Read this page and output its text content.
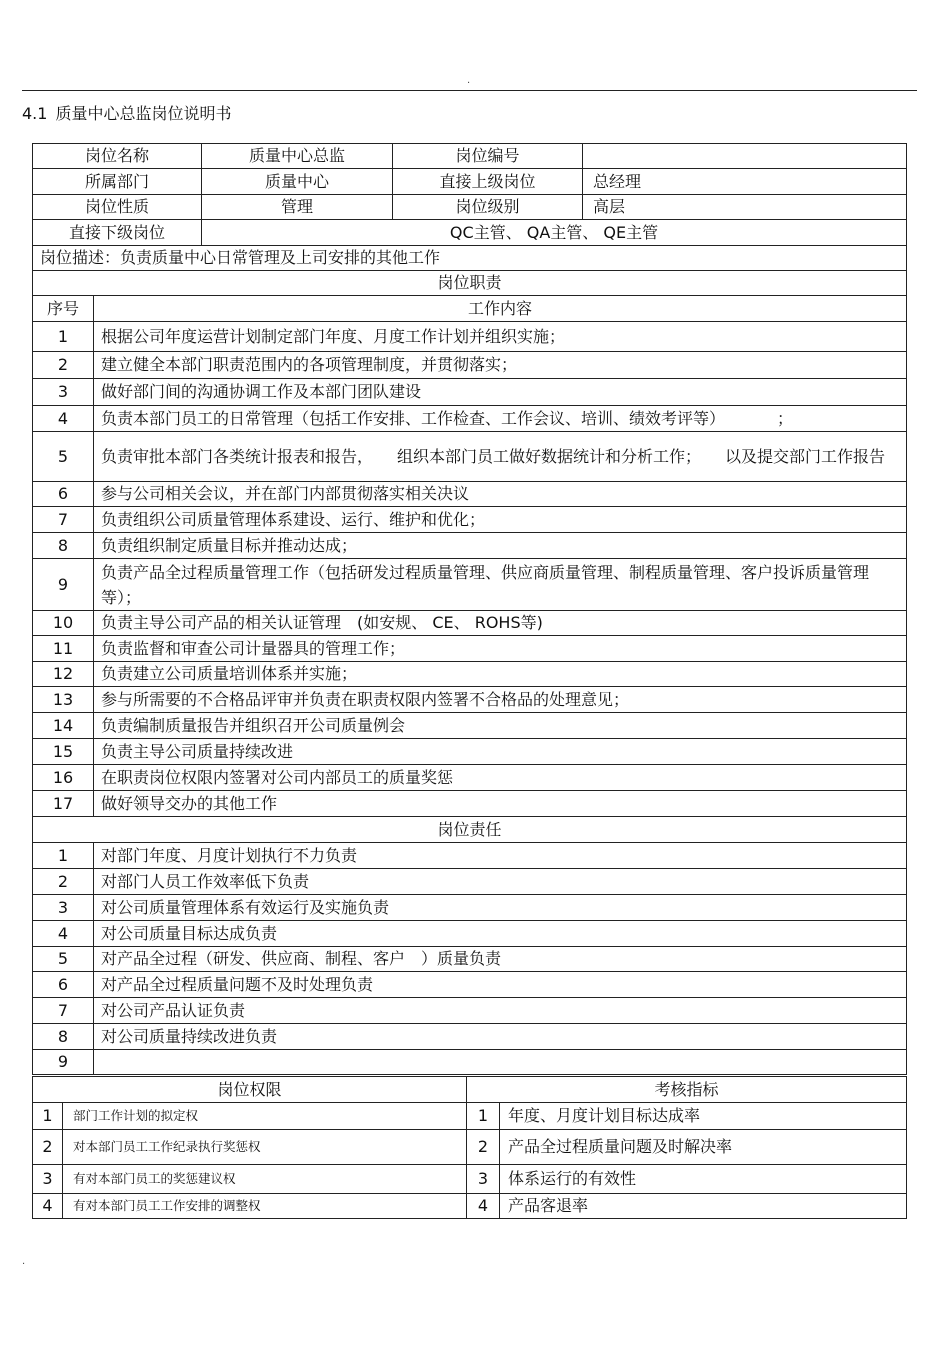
.
4.1 质量中心总监岗位说明书
岗位名称		质量中心总监	岗位编号	
所属部门		质量中心	直接上级岗位	总经理
岗位性质		管理	岗位级别	高层
直接下级岗位		QC主管、 QA主管、 QE主管		
岗位描述：负责质量中心日常管理及上司安排的其他工作				
岗位职责				
序号	工作内容			
1	根据公司年度运营计划制定部门年度、月度工作计划并组织实施；			
2	建立健全本部门职责范围内的各项管理制度，并贯彻落实；			
3	做好部门间的沟通协调工作及本部门团队建设			
4	负责本部门员工的日常管理（包括工作安排、工作检查、工作会议、培训、绩效考评等） ；			
5	负责审批本部门各类统计报表和报告，　　组织本部门员工做好数据统计和分析工作；　　以及提交部门工作报告			
6	参与公司相关会议，并在部门内部贯彻落实相关决议			
7	负责组织公司质量管理体系建设、运行、维护和优化；			
8	负责组织制定质量目标并推动达成；			
9	负责产品全过程质量管理工作（包括研发过程质量管理、供应商质量管理、制程质量管理、客户投诉质量管理等）；			
10	负责主导公司产品的相关认证管理　(如安规、 CE、 ROHS等)			
11	负责监督和审查公司计量器具的管理工作；			
12	负责建立公司质量培训体系并实施；			
13	参与所需要的不合格品评审并负责在职责权限内签署不合格品的处理意见；			
14	负责编制质量报告并组织召开公司质量例会			
15	负责主导公司质量持续改进			
16	在职责岗位权限内签署对公司内部员工的质量奖惩			
17	做好领导交办的其他工作			
岗位责任				
1	对部门年度、月度计划执行不力负责			
2	对部门人员工作效率低下负责			
3	对公司质量管理体系有效运行及实施负责			
4	对公司质量目标达成负责			
5	对产品全过程（研发、供应商、制程、客户　）质量负责			
6	对产品全过程质量问题不及时处理负责			
7	对公司产品认证负责			
8	对公司质量持续改进负责			
9				
岗位权限		考核指标	
1	部门工作计划的拟定权	1	年度、月度计划目标达成率
2	对本部门员工工作纪录执行奖惩权	2	产品全过程质量问题及时解决率
3	有对本部门员工的奖惩建议权	3	体系运行的有效性
4	有对本部门员工工作安排的调整权	4	产品客退率
.
